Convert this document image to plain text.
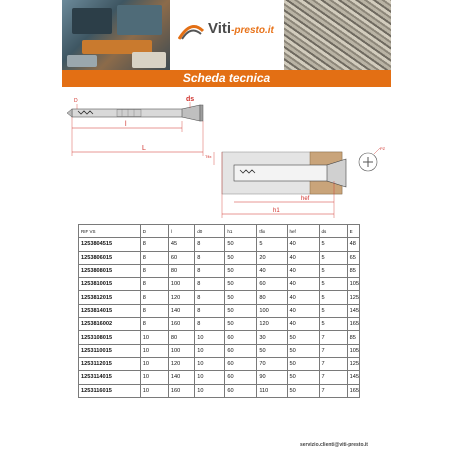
Viti-presto.it
Scheda tecnica
D	ds
l
L
Tfix
hef
h1
PZ
RIF VS	D	l	d0	h1	tfix	hef	ds	E
1253804515	8	45	8	50	5	40	5	48
1253806015	8	60	8	50	20	40	5	65
1253808015	8	80	8	50	40	40	5	85
1253810015	8	100	8	50	60	40	5	105
1253812015	8	120	8	50	80	40	5	125
1253814015	8	140	8	50	100	40	5	145
1253816002	8	160	8	50	120	40	5	165
1253108015	10	80	10	60	30	50	7	85
1253110015	10	100	10	60	50	50	7	105
1253112015	10	120	10	60	70	50	7	125
1253114015	10	140	10	60	90	50	7	145
1253116015	10	160	10	60	110	50	7	165
servizio.clienti@viti-presto.it
